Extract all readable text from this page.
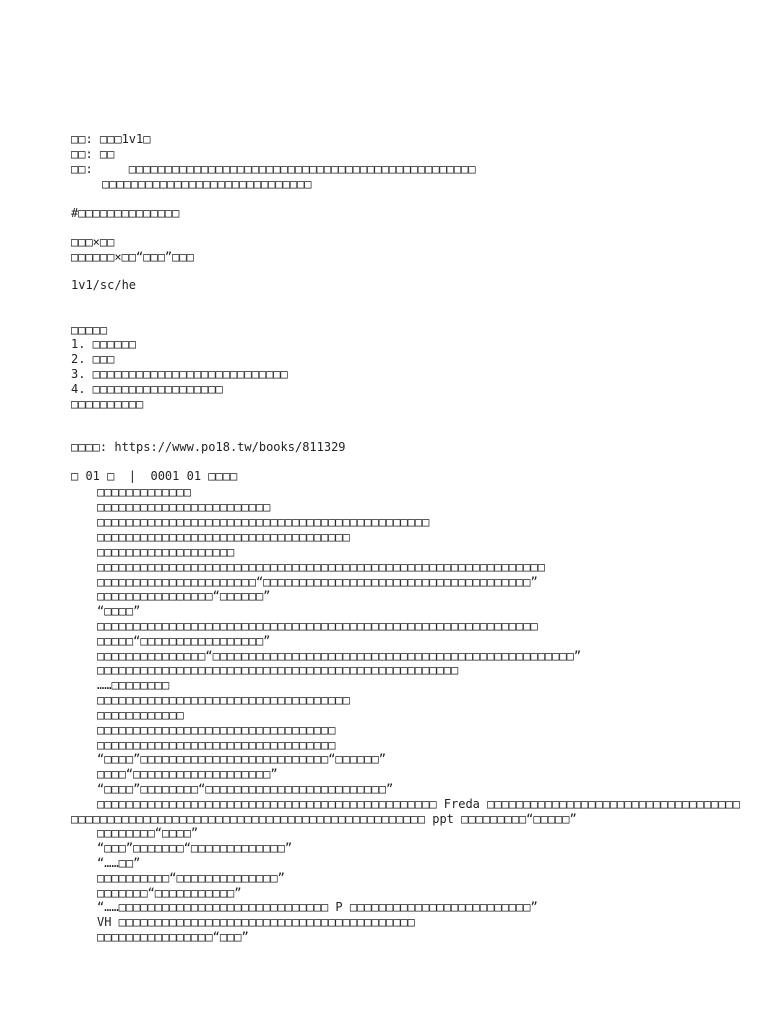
□□: □□□1v1□
□□: □□
□□:     □□□□□□□□□□□□□□□□□□□□□□□□□□□□□□□□□□□□□□□□□□□□□□□□
□□□□□□□□□□□□□□□□□□□□□□□□□□□□□
#□□□□□□□□□□□□□□
□□□×□□
□□□□□□×□□“□□□”□□□
1v1/sc/he
□□□□□
1. □□□□□□
2. □□□
3. □□□□□□□□□□□□□□□□□□□□□□□□□□□
4. □□□□□□□□□□□□□□□□□□
□□□□□□□□□□
□□□□: https://www.po18.tw/books/811329
□ 01 □  |  0001 01 □□□□
□□□□□□□□□□□□□
□□□□□□□□□□□□□□□□□□□□□□□□
□□□□□□□□□□□□□□□□□□□□□□□□□□□□□□□□□□□□□□□□□□□□□□
□□□□□□□□□□□□□□□□□□□□□□□□□□□□□□□□□□□
□□□□□□□□□□□□□□□□□□□
□□□□□□□□□□□□□□□□□□□□□□□□□□□□□□□□□□□□□□□□□□□□□□□□□□□□□□□□□□□□□□
□□□□□□□□□□□□□□□□□□□□□□“□□□□□□□□□□□□□□□□□□□□□□□□□□□□□□□□□□□□□”
□□□□□□□□□□□□□□□□“□□□□□□”
“□□□□”
□□□□□□□□□□□□□□□□□□□□□□□□□□□□□□□□□□□□□□□□□□□□□□□□□□□□□□□□□□□□□
□□□□□“□□□□□□□□□□□□□□□□□”
□□□□□□□□□□□□□□□“□□□□□□□□□□□□□□□□□□□□□□□□□□□□□□□□□□□□□□□□□□□□□□□□□□”
□□□□□□□□□□□□□□□□□□□□□□□□□□□□□□□□□□□□□□□□□□□□□□□□□□
……□□□□□□□□
□□□□□□□□□□□□□□□□□□□□□□□□□□□□□□□□□□□
□□□□□□□□□□□□
□□□□□□□□□□□□□□□□□□□□□□□□□□□□□□□□□
□□□□□□□□□□□□□□□□□□□□□□□□□□□□□□□□□
“□□□□”□□□□□□□□□□□□□□□□□□□□□□□□□□“□□□□□□”
□□□□“□□□□□□□□□□□□□□□□□□□”
“□□□□”□□□□□□□□“□□□□□□□□□□□□□□□□□□□□□□□□□”
□□□□□□□□□□□□□□□□□□□□□□□□□□□□□□□□□□□□□□□□□□□□□□□ Freda □□□□□□□□□□□□□□□□□□□□□□□□□□□□□□□□□□□
□□□□□□□□□□□□□□□□□□□□□□□□□□□□□□□□□□□□□□□□□□□□□□□□□ ppt □□□□□□□□□“□□□□□”
□□□□□□□□“□□□□”
“□□□”□□□□□□□“□□□□□□□□□□□□□”
“……□□”
□□□□□□□□□□“□□□□□□□□□□□□□□”
□□□□□□□“□□□□□□□□□□□”
“……□□□□□□□□□□□□□□□□□□□□□□□□□□□□□ P □□□□□□□□□□□□□□□□□□□□□□□□□”
VH □□□□□□□□□□□□□□□□□□□□□□□□□□□□□□□□□□□□□□□□□
□□□□□□□□□□□□□□□□“□□□”
